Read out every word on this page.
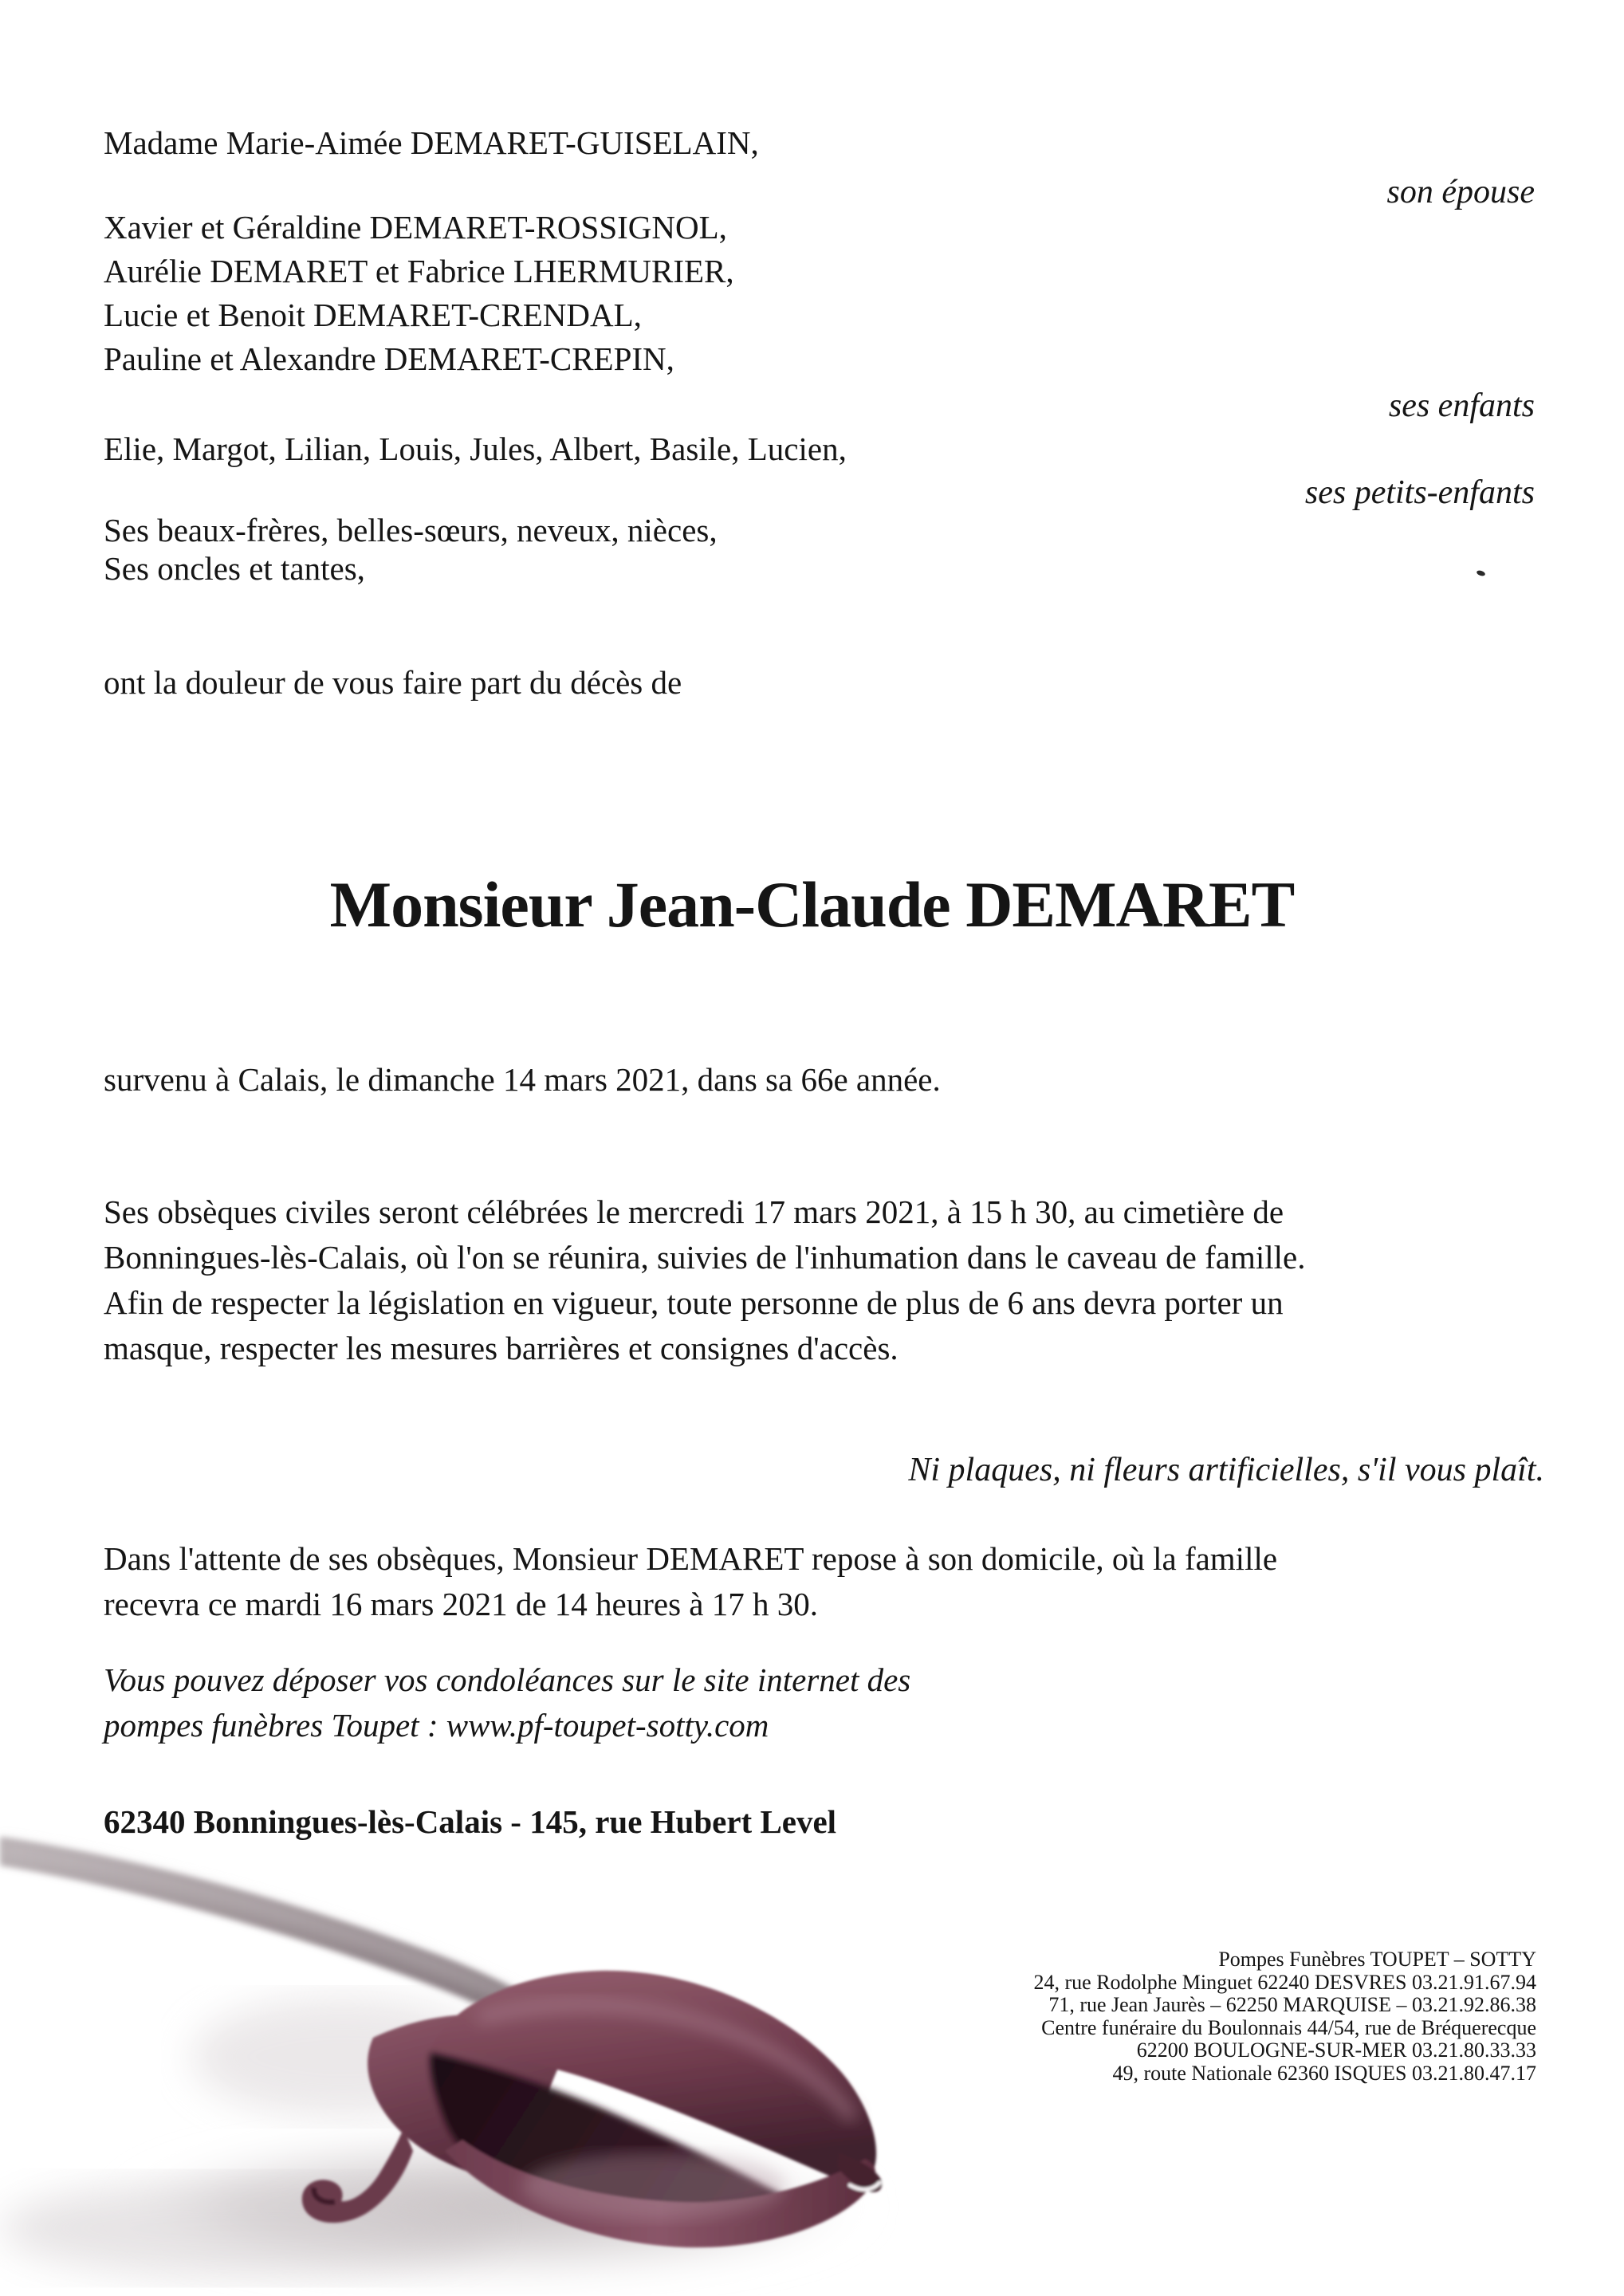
Madame Marie-Aimée DEMARET-GUISELAIN,
son épouse
Xavier et Géraldine DEMARET-ROSSIGNOL,
Aurélie DEMARET et Fabrice LHERMURIER,
Lucie et Benoit DEMARET-CRENDAL,
Pauline et Alexandre DEMARET-CREPIN,
ses enfants
Elie, Margot, Lilian, Louis, Jules, Albert, Basile, Lucien,
ses petits-enfants
Ses beaux-frères, belles-sœurs, neveux, nièces,
Ses oncles et tantes,
ont la douleur de vous faire part du décès de
Monsieur Jean-Claude DEMARET
survenu à Calais, le dimanche 14 mars 2021, dans sa 66e année.
Ses obsèques civiles seront célébrées le mercredi 17 mars 2021, à 15 h 30, au cimetière de
Bonningues-lès-Calais, où l'on se réunira, suivies de l'inhumation dans le caveau de famille.
Afin de respecter la législation en vigueur, toute personne de plus de 6 ans devra porter un
masque, respecter les mesures barrières et consignes d'accès.
Ni plaques, ni fleurs artificielles, s'il vous plaît.
Dans l'attente de ses obsèques, Monsieur DEMARET repose à son domicile, où la famille
recevra ce mardi 16 mars 2021 de 14 heures à 17 h 30.
Vous pouvez déposer vos condoléances sur le site internet des
pompes funèbres Toupet : www.pf-toupet-sotty.com
62340 Bonningues-lès-Calais - 145, rue Hubert Level
Pompes Funèbres TOUPET – SOTTY
24, rue Rodolphe Minguet 62240 DESVRES 03.21.91.67.94
71, rue Jean Jaurès – 62250 MARQUISE – 03.21.92.86.38
Centre funéraire du Boulonnais 44/54, rue de Bréquerecque
62200 BOULOGNE-SUR-MER 03.21.80.33.33
49, route Nationale 62360 ISQUES 03.21.80.47.17
